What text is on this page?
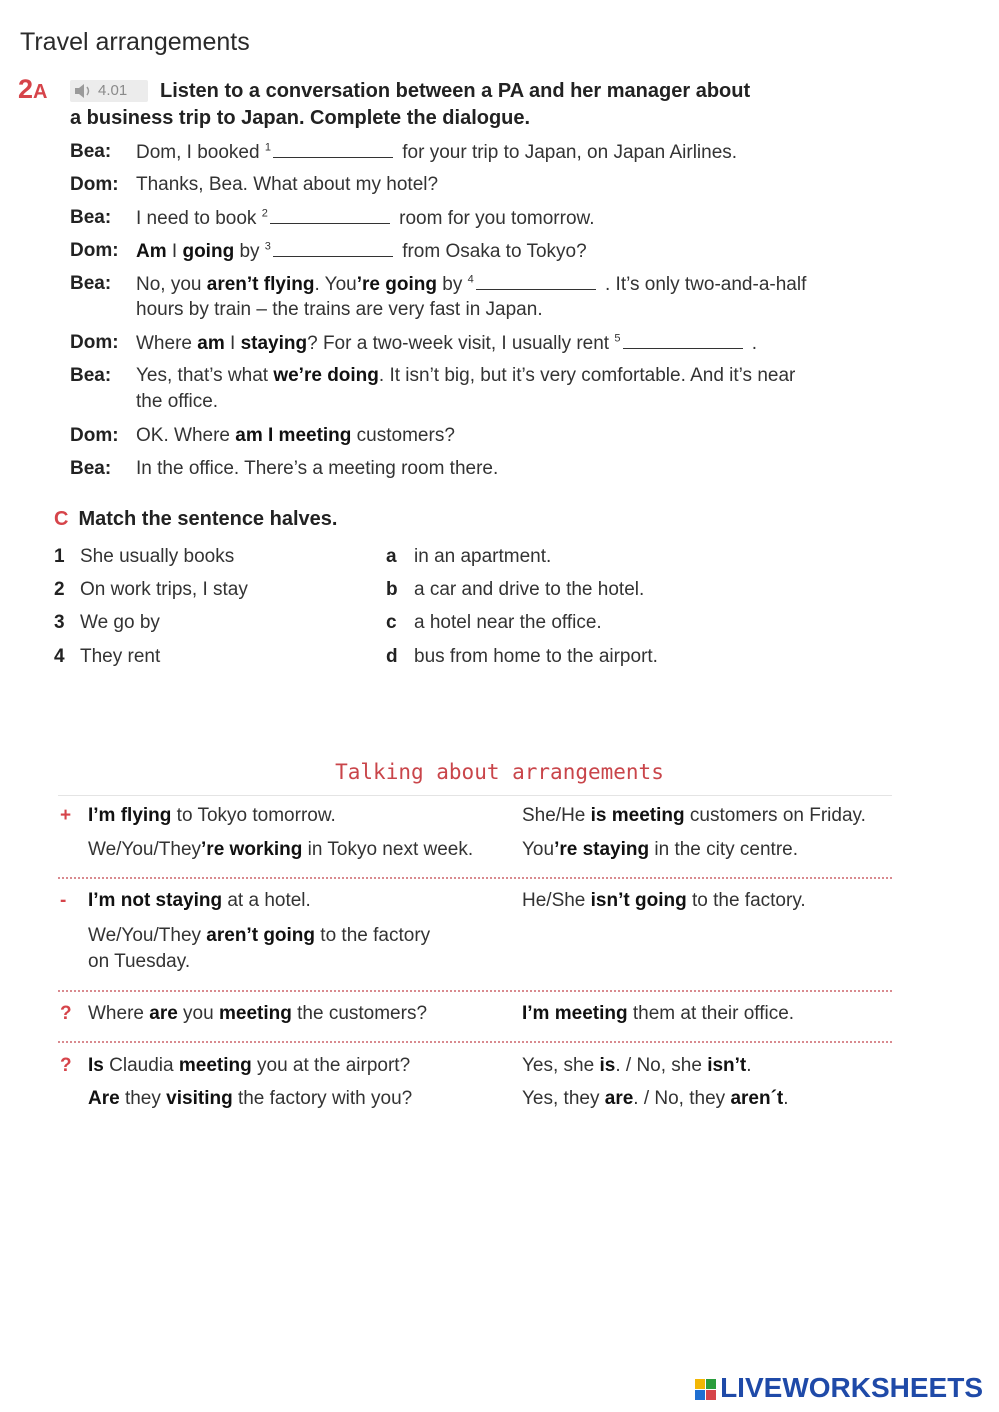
Travel arrangements
2A	4.01 Listen to a conversation between a PA and her manager about
a business trip to Japan. Complete the dialogue.
Bea:	Dom, I booked $^1$	for your trip to Japan, on Japan Airlines.
Dom: Thanks, Bea. What about my hotel?
Bea:	I need to book $^2$	room for you tomorrow.
Dom: Am I going by $^3$	from Osaka to Tokyo?
Bea:	No, you aren’t flying. You’re going by $^4$	. It’s only two-and-a-half
hours by train – the trains are very fast in Japan.
Dom: Where am I staying? For a two-week visit, I usually rent $^5$	.
Bea:	Yes, that’s what we’re doing. It isn’t big, but it’s very comfortable. And it’s near
the office.
Dom: OK. Where am I meeting customers?
Bea:	In the office. There’s a meeting room there.
C Match the sentence halves.
1 She usually books
2 On work trips, I stay
3 We go by
4 They rent
a in an apartment.
b a car and drive to the hotel.
c a hotel near the office.
d bus from home to the airport.
Talking about arrangements
+ I’m flying to Tokyo tomorrow.	She/He is meeting customers on Friday.
We/You/They’re working in Tokyo next week.	You’re staying in the city centre.
- I’m not staying at a hotel.	He/She isn’t going to the factory.
We/You/They aren’t going to the factory
on Tuesday.
? Where are you meeting the customers?	I’m meeting them at their office.
? Is Claudia meeting you at the airport?	Yes, she is. / No, she isn’t.
Are they visiting the factory with you?	Yes, they are. / No, they aren´t.
LIVEWORKSHEETS
